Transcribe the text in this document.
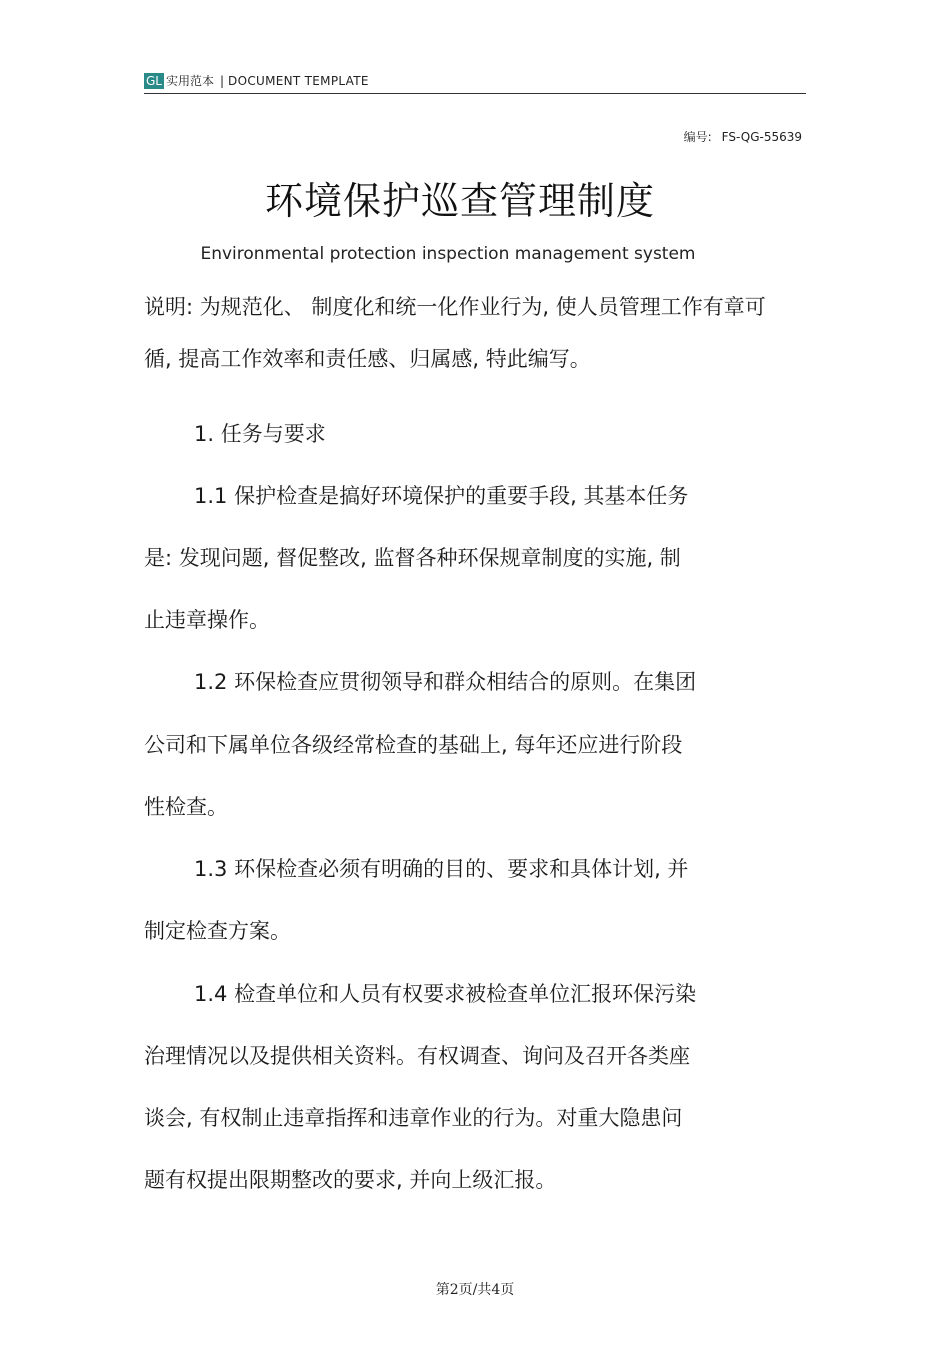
GL 实用范本 | DOCUMENT TEMPLATE
编号: FS-QG-55639
环境保护巡查管理制度
Environmental protection inspection management system
说明: 为规范化、 制度化和统一化作业行为, 使人员管理工作有章可
循, 提高工作效率和责任感、归属感, 特此编写。
1. 任务与要求
1.1 保护检查是搞好环境保护的重要手段, 其基本任务
是: 发现问题, 督促整改, 监督各种环保规章制度的实施, 制
止违章操作。
1.2 环保检查应贯彻领导和群众相结合的原则。在集团
公司和下属单位各级经常检查的基础上, 每年还应进行阶段
性检查。
1.3 环保检查必须有明确的目的、要求和具体计划, 并
制定检查方案。
1.4 检查单位和人员有权要求被检查单位汇报环保污染
治理情况以及提供相关资料。有权调查、询问及召开各类座
谈会, 有权制止违章指挥和违章作业的行为。对重大隐患问
题有权提出限期整改的要求, 并向上级汇报。
第2页/共4页
